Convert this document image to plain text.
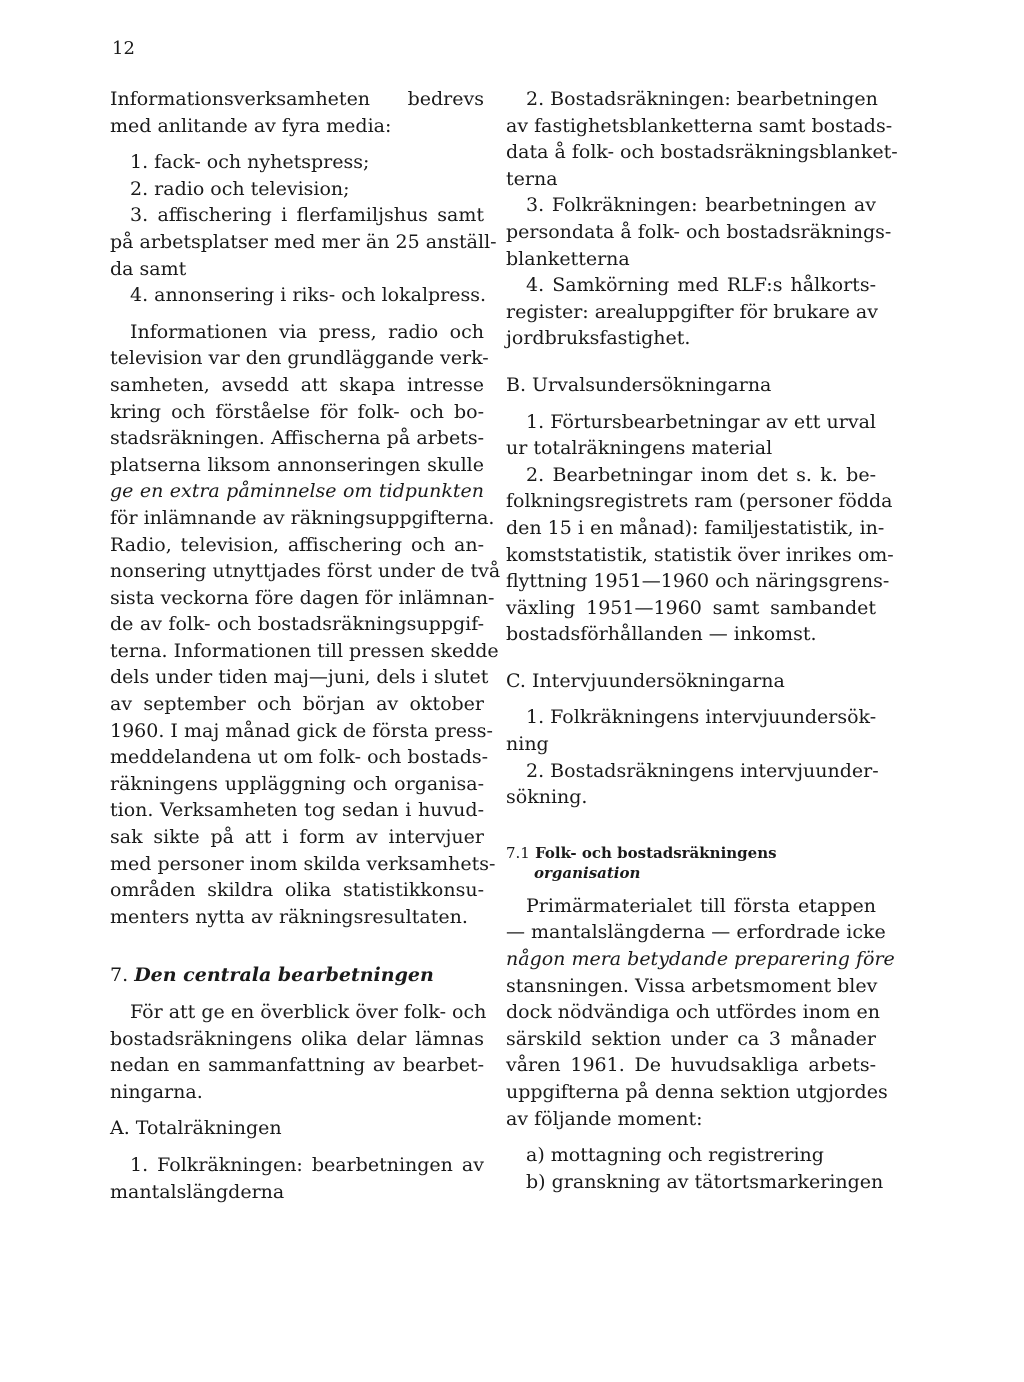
12
Informationsverksamheten bedrevs

med anlitande av fyra media:

1. fack- och nyhetspress;

2. radio och television;

3. affischering i flerfamiljshus samt

på arbetsplatser med mer än 25 anställ-

da samt

4. annonsering i riks- och lokalpress.

Informationen via press, radio och

television var den grundläggande verk-

samheten, avsedd att skapa intresse

kring och förståelse för folk- och bo-

stadsräkningen. Affischerna på arbets-

platserna liksom annonseringen skulle

ge en extra påminnelse om tidpunkten

för inlämnande av räkningsuppgifterna.

Radio, television, affischering och an-

nonsering utnyttjades först under de två

sista veckorna före dagen för inlämnan-

de av folk- och bostadsräkningsuppgif-

terna. Informationen till pressen skedde

dels under tiden maj—juni, dels i slutet

av september och början av oktober

1960. I maj månad gick de första press-

meddelandena ut om folk- och bostads-

räkningens uppläggning och organisa-

tion. Verksamheten tog sedan i huvud-

sak sikte på att i form av intervjuer

med personer inom skilda verksamhets-

områden skildra olika statistikkonsu-

menters nytta av räkningsresultaten.

7. Den centrala bearbetningen

För att ge en överblick över folk- och

bostadsräkningens olika delar lämnas

nedan en sammanfattning av bearbet-

ningarna.

A. Totalräkningen

1. Folkräkningen: bearbetningen av

mantalslängderna

2. Bostadsräkningen: bearbetningen

av fastighetsblanketterna samt bostads-

data å folk- och bostadsräkningsblanket-

terna

3. Folkräkningen: bearbetningen av

persondata å folk- och bostadsräknings-

blanketterna

4. Samkörning med RLF:s hålkorts-

register: arealuppgifter för brukare av

jordbruksfastighet.

B. Urvalsundersökningarna

1. Förtursbearbetningar av ett urval

ur totalräkningens material

2. Bearbetningar inom det s. k. be-

folkningsregistrets ram (personer födda

den 15 i en månad): familjestatistik, in-

komststatistik, statistik över inrikes om-

flyttning 1951—1960 och näringsgrens-

växling 1951—1960 samt sambandet

bostadsförhållanden — inkomst.

C. Intervjuundersökningarna

1. Folkräkningens intervjuundersök-

ning

2. Bostadsräkningens intervjuunder-

sökning.

7.1 Folk- och bostadsräkningens
organisation

Primärmaterialet till första etappen

— mantalslängderna — erfordrade icke

någon mera betydande preparering före

stansningen. Vissa arbetsmoment blev

dock nödvändiga och utfördes inom en

särskild sektion under ca 3 månader

våren 1961. De huvudsakliga arbets-

uppgifterna på denna sektion utgjordes

av följande moment:

a) mottagning och registrering

b) granskning av tätortsmarkeringen
